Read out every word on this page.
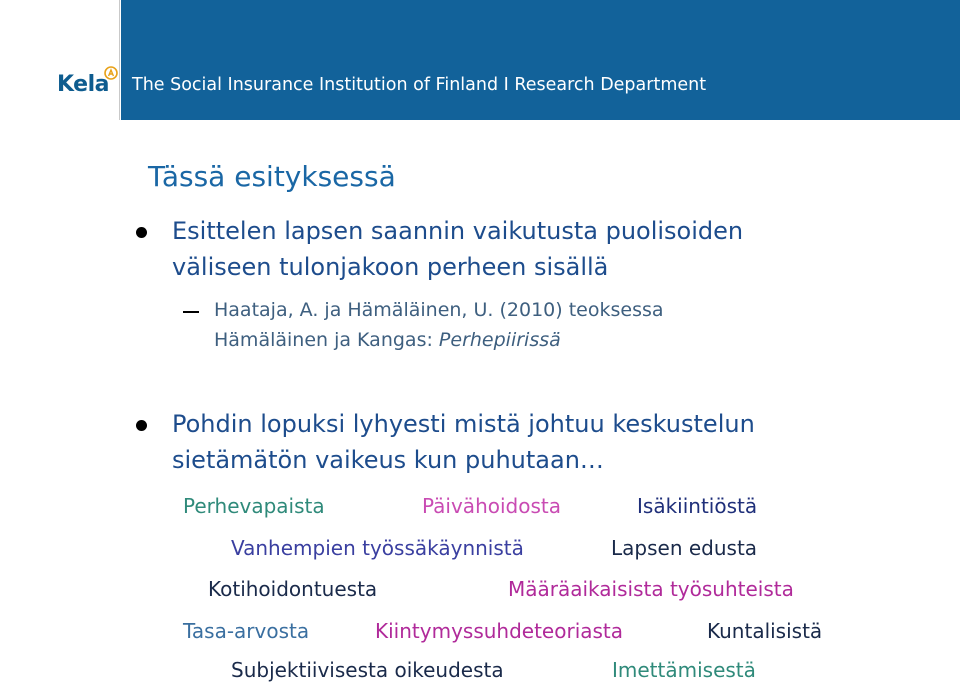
Kela The Social Insurance Institution of Finland I Research Department
Tässä esityksessä
Esittelen lapsen saannin vaikutusta puolisoiden
väliseen tulonjakoon perheen sisällä
Haataja, A. ja Hämäläinen, U. (2010) teoksessa
Hämäläinen ja Kangas: Perhepiirissä
Pohdin lopuksi lyhyesti mistä johtuu keskustelun
sietämätön vaikeus kun puhutaan…
Perhevapaista	Päivähoidosta	Isäkiintiöstä
Vanhempien työssäkäynnistä	Lapsen edusta
Kotihoidontuesta	Määräaikaisista työsuhteista
Tasa-arvosta	Kiintymyssuhdeteoriasta	Kuntalisistä
Subjektiivisesta oikeudesta	Imettämisestä
